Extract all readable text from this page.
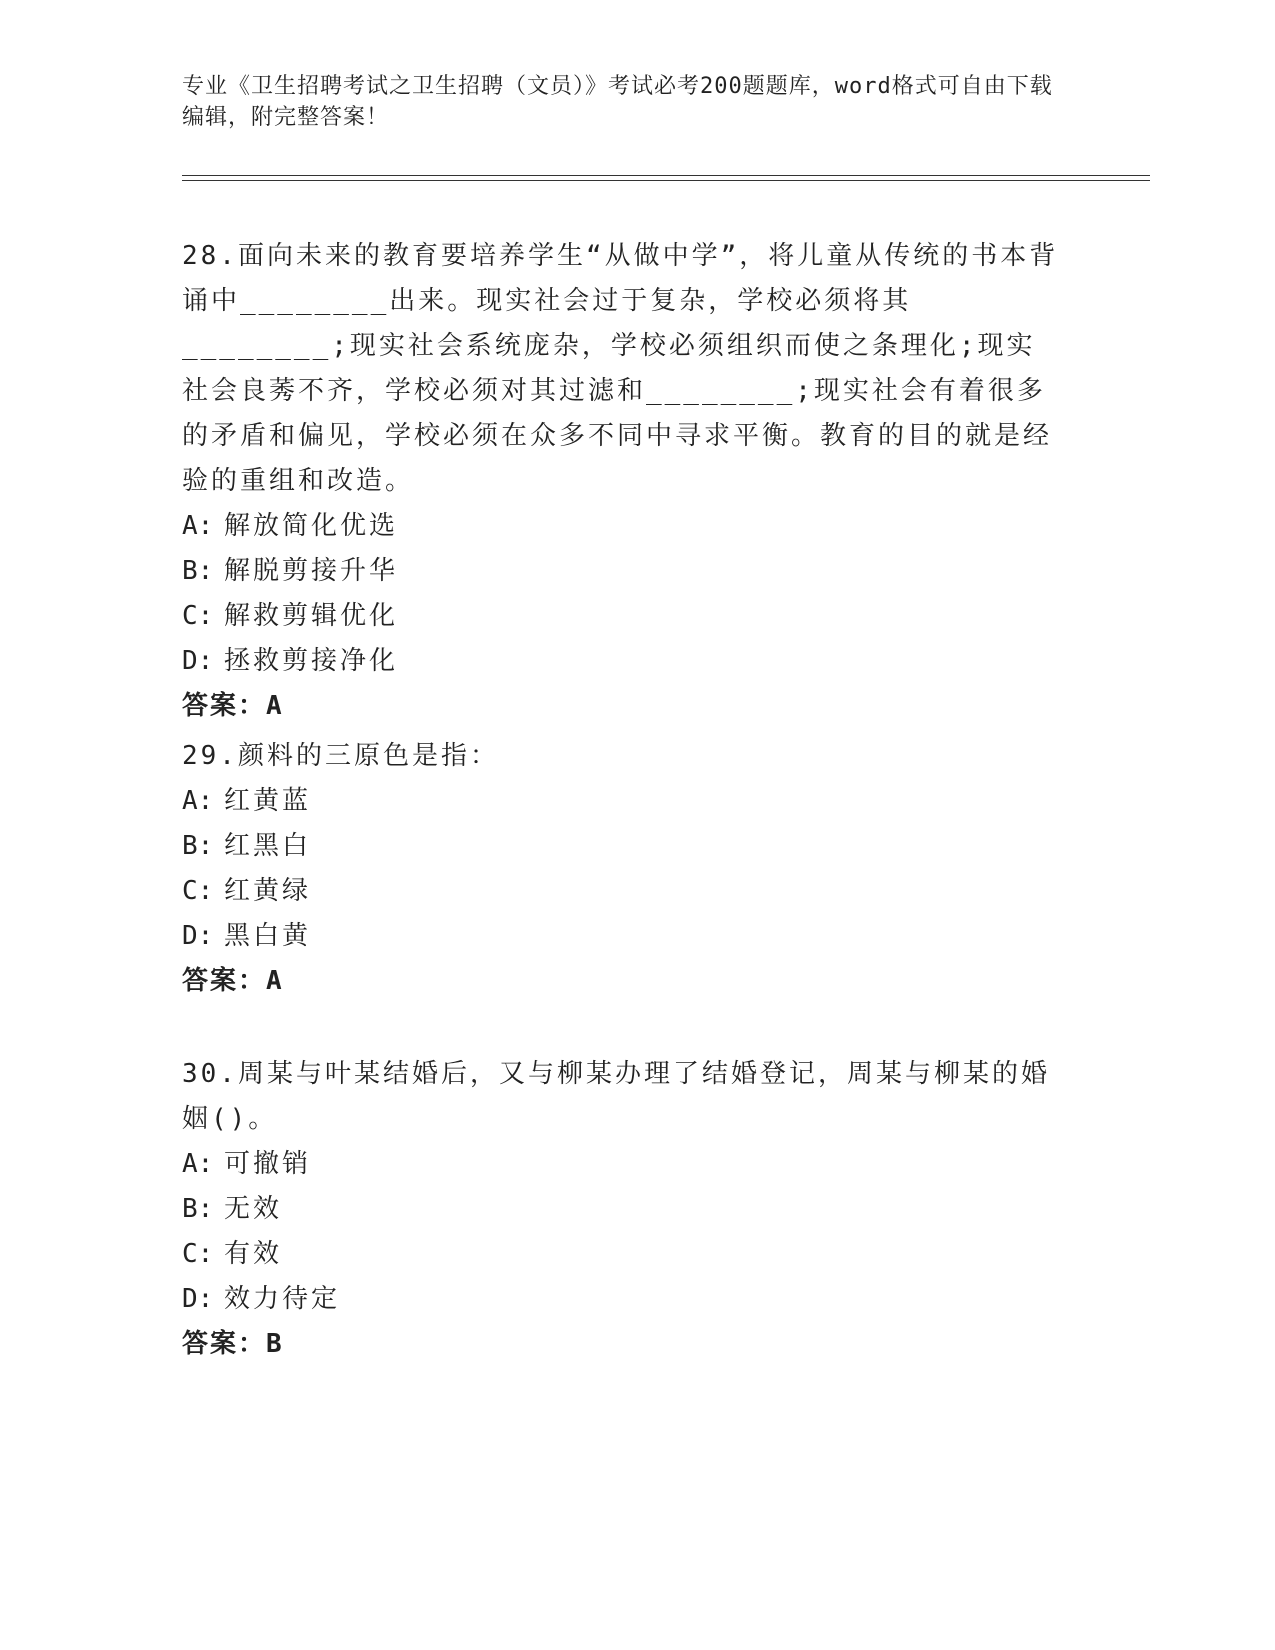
专业《卫生招聘考试之卫生招聘（文员）》考试必考200题题库，word格式可自由下载编辑，附完整答案！

28.面向未来的教育要培养学生“从做中学”，将儿童从传统的书本背诵中________出来。现实社会过于复杂，学校必须将其________;现实社会系统庞杂，学校必须组织而使之条理化;现实社会良莠不齐，学校必须对其过滤和________;现实社会有着很多的矛盾和偏见，学校必须在众多不同中寻求平衡。教育的目的就是经验的重组和改造。

A: 解放简化优选

B: 解脱剪接升华

C: 解救剪辑优化

D: 拯救剪接净化

答案：A

29.颜料的三原色是指：

A: 红黄蓝

B: 红黑白

C: 红黄绿

D: 黑白黄

答案：A

30.周某与叶某结婚后，又与柳某办理了结婚登记，周某与柳某的婚姻()。

A: 可撤销

B: 无效

C: 有效

D: 效力待定

答案：B
